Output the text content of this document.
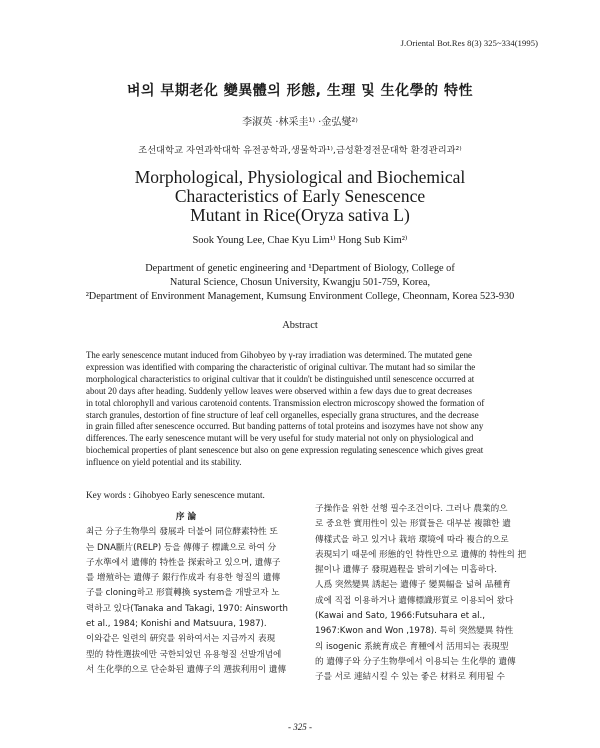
J.Oriental Bot.Res 8(3) 325~334(1995)
벼의 早期老化 變異體의 形態, 生理 및 生化學的 特性
李淑英 ·林采圭¹⁾ ·金弘燮²⁾
조선대학교 자연과학대학 유전공학과,생물학과¹⁾,금성환경전문대학 환경관리과²⁾
Morphological, Physiological and Biochemical
Characteristics of Early Senescence
Mutant in Rice(Oryza sativa L)
Sook Young Lee, Chae Kyu Lim¹⁾ Hong Sub Kim²⁾
Department of genetic engineering and ¹Department of Biology, College of
Natural Science, Chosun University, Kwangju 501-759, Korea,
²Department of Environment Management, Kumsung Environment College, Cheonnam, Korea 523-930
Abstract
The early senescence mutant induced from Gihobyeo by γ-ray irradiation was determined. The mutated gene
expression was identified with comparing the characteristic of original cultivar. The mutant had so similar the
morphological characteristics to original cultivar that it couldn't be distinguished until senescence occurred at
about 20 days after heading. Suddenly yellow leaves were observed within a few days due to great decreases
in total chlorophyll and various carotenoid contents. Transmission electron microscopy showed the formation of
starch granules, destortion of fine structure of leaf cell organelles, especially grana structures, and the decrease
in grain filled after senescence occurred. But banding patterns of total proteins and isozymes have not show any
differences. The early senescence mutant will be very useful for study material not only on physiological and
biochemical properties of plant senescence but also on gene expression regulating senescence which gives great
influence on yield potential and its stability.
Key words : Gihobyeo Early senescence mutant.
序 論
최근 分子生物學의 發展과 더불어 同位酵素特性 또
는 DNA斷片(RELP) 등을 傳傳子 標識으로 하여 分
子水準에서 遺傳的 特性을 探索하고 있으며, 遺傳子
를 增殖하는 遺傳子 銀行作成과 有용한 형질의 遺傳
子를 cloning하고 形質轉換 system을 개발코자 노
력하고 있다(Tanaka and Takagi, 1970: Ainsworth
et al., 1984; Konishi and Matsuura, 1987).
이와같은 일련의 硏究를 위하여서는 지금까지 表現
型的 特性選拔에만 국한되었던 유용형질 선발개념에
서 生化學的으로 단순화된 遺傳子의 選拔利用이 遺傳
子操作을 위한 선행 필수조건이다. 그러나 農業的으
로 중요한 實用性이 있는 形質들은 대부분 複雜한 遺
傳樣式을 하고 있거나 栽培 環境에 따라 複合的으로
表現되기 때문에 形態的인 特性만으로 遺傳的 特性의 把
握이나 遺傳子 發現過程을 밝히기에는 미흡하다.
人爲 突然變異 誘起는 遺傳子 變異幅을 넓혀 品種育
成에 직접 이용하거나 遺傳標識形質로 이용되어 왔다
(Kawai and Sato, 1966:Futsuhara et al.,
1967:Kwon and Won ,1978). 특히 突然變異 特性
의 isogenic 系統育成은 育種에서 活用되는 表現型
的 遺傳子와 分子生物學에서 이용되는 生化學的 遺傳
子를 서로 連結시킬 수 있는 좋은 材料로 利用될 수
- 325 -
